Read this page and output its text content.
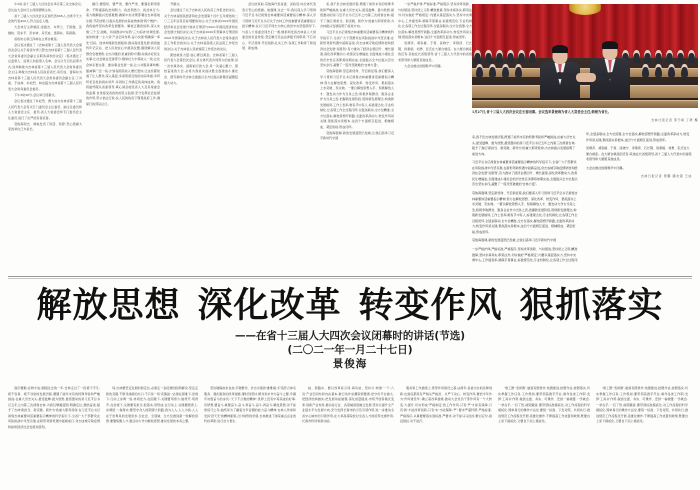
午2时,省十三届人大四次会议举行第三次全体会议,会议由大会执行主席朗德顺主持。

省十三届人大四次会议应到代表606人,出席今天大会的代表420人,符合法定人数。

大会执行主席就座:金振吉、车秀兰、于国俊、张继枚、贺东平、彭永林、房庆成、雷海东、荣颖春。

省政协主席江泽林在主席台就座。

会议表决通过了《吉林省第十三届人民代表大会第四次会议关于接受车秀兰辞去吉林省第十三届人民代表大会常务委员会副主任职务请求的决定》;表决通过了总监票人、监票人和监票人名单。会议以无记名投票方式,选举韩俊为吉林省第十三届人民代表大会常务委员会主任,韩俊为吉林省人民政府省长,房庆成、雷海东为吉林省第十三届人民代表大会常务委员会副主任,丁共丽、于成林、朴松烈、林洁超为吉林省第十三届人民代表大会常务委员会委员。

下午3时30分,会议举行闭幕式。

会议表决通过了朴松烈、源大成为吉林省第十三届人民代表大会有关专门委员会主任委员、副主任委员和人大常委会主任、委员,省人大常委会和专门委员会主任委员,进行了庄严的宣誓宣誓。

景俊海同志、韩俊发表了讲话、致辞,衷心感谢大家选举自己为省长。

握行,要组织、要严肃、要作严肃、要强化职责使命、不断提高政治判断力、政治领悟力、政治执行力,着力破解振兴发展难题,确保中央决策部署在吉林落地生根,开花结果,以振兴发展的实际成效体现'两个维护'。我将始终坚持改革发展要务、解放正确改进率,深入实施'三个五'战略、持续推动中东西'三大板块'协调发展,加快构建'一主六双'产业空间布局,奋力实现'两确保一率先'目标。加快构建新发展格局,推动高质量发展,我将始终牢记宗旨、把人民放在心中最高位置,围绕解决人民群众急难愁盼,全办冷暖的'负重的盼'问题,持续办好民生实事,让社会就业安排部分,继承壮大中等收入一线,让社会体系更完善、推动事业发展一线,让公共服务事均衡,缩减事广活一线,计划各国民收入增长更快,让这些都知道了让人群众,深入基层,多谋善谋百姓的实际举措,多听听老百姓的真实呼声,多同时工作确定的具体成效。我将始终服从省委领导,真心诚意接受省人大及其常委会的监督,自觉接受省政协的民主监督,充分发挥社会监督的作用,带头依法行政,在人民的政府下敬畏政府工作,确保行政部队运行。

开幕式。

会议通过了关于吉林省人民政府工作报告的决议、关于吉林省国民经济和社会发展第十四个五年规划和二〇三五年远景目标纲要的决议;关于吉林省2020年国民经济和社会发展计划执行情况与2021年国民经济和社会发展计划的决议;关于吉林省2020年预算执行情况和2021年预算的决议;关于吉林省人民代表大会常务委员会工作报告的决议;关于吉林省高级人民法院工作报告的决议;关于吉林省人民检察院工作报告的决议。

团结就是力量,信心赛过黄金。吉林省第十三届人民代表大会第四次会议,是全体代表共同努力的成果,是一次求真务实、砥砺前行的大会,是一次凝心聚力、团结奋进的大会,必将为我省决战决胜全面建成小康社会、谱写新时代吉林全面振兴全方位振兴新篇章凝聚起强大动力。

会议结束前,景俊海代表省委、省政府,向全体代表表示衷心的感谢。他强调,过去一年,我们深入学习贯彻习近平总书记视察吉林重要讲话重要指示精神,深入学习贯彻习近平总书记关于吉林工作的重要讲话重要指示批示精神,在以习近平同志为核心的党中央坚强领导下,与省人大常委会同志们一道,继承和发扬吉林省人大常委会的优良传统,坚定履行宪法法律赋予的职责,不忘初心、牢记使命,开拓创新,扎实工作,各项工作取得了新进展、新成效。

家,我不负吉林发展历程,攒通了前所未有的特殊考验和严峻挑战,在重大历史关头,最受鼓舞、最为欣慰,最感激动的是习近平总书记五年之内第三次视察吉林,赋予了我们'新担当、新突破、新作为'的重大职责使命,为吉林振兴发展指明了前进方向。

习近平总书记视察吉林重要讲话重要指示精神的科学指引下,全省广大干部群众在风险挑战中攻坚克难,在新形势新机遇中砥砺奋进,众志成城夺取疫情防控和经济社会发展'双胜利',有力推动了经济企稳回升、增长提速,深化改革聚动力,改善民生增福祉,全面建成小康社会的历史性任务即将如期完成,全面振兴全方位振兴迈出坚实步伐,凝聚了一股攻坚破难的'吉林力量'。

景俊海强调,坚定新使命、开启新征程,我们要深入学习贯彻习近平总书记视察吉林重要讲话重要指示精神,努力在解放思想、深化改革、转变作风、狠抓落实上求突破、见实效。一要以解放思想入手、积极解放人才、激发动力作为当务之急,积极争取群众、服务企业作为当务之需,把握新发展阶段,贯彻新发展理念,构建新发展格局,工作上表率,唯有手中有人,标准观念化,专业机制化,让各项工作全过程闭环,全链条联动,全方位精准,全方位落实,解放思想开新路,全面改革添动力,转变作风是关键,狠抓落实是根本,这四个方面相互促进、相辅相成、紧密衔接,形成闭环。

景俊海强调,新的发展蓝图已绘就,让我们高举习近平新时代中国

一步严格护律,严格标准,严格程序,坚持改革创新、与时俱进,坚持使之又用,精准推算,坚持求真务实,职责法外,切实做好'严格规定',内要从基层落实力,坚持中央调中心,工作提表率,确保手里事业,标准规范化,专业机制化,让各项工作全过程闭环,全链条联动,全方位统筹,全方位落实,解放思想开新路,全面改革添动力,转变作风是关键,狠抓落实是根本,这四个方面相互促进,形成闭环。

吴靖萍、胡家椿、于莉、匡晓宁、李锦济、石长铜、侯素娟、刘勇、张庆在大厦台就座。在大厦台就座的还有:其他在长省级领导,省十三届人大代表中的省级老领导和大厦团其他成员。

大会在雄壮的国歌声中闭幕。

1月27日,省十三届人大四次会议在长春闭幕。会议选举景俊海为省人大常委会主任,韩俊为省长。
吉林日报记者 邹乃硕 丁研 摄

家,我不负吉林发展历程,攒通了前所未有的特殊考验和严峻挑战,在重大历史关头,最受鼓舞、最为欣慰,最感激动的是习近平总书记五年之内第三次视察吉林,赋予了我们'新担当、新突破、新作为'的重大职责使命,为吉林振兴发展指明了前进方向。

习近平总书记视察吉林重要讲话重要指示精神的科学指引下,全省广大干部群众在风险挑战中攻坚克难,在新形势新机遇中砥砺奋进,众志成城夺取疫情防控和经济社会发展'双胜利',有力推动了经济企稳回升、增长提速,深化改革聚动力,改善民生增福祉,全面建成小康社会的历史性任务即将如期完成,全面振兴全方位振兴迈出坚实步伐,凝聚了一股攻坚破难的'吉林力量'。

景俊海强调,坚定新使命、开启新征程,我们要深入学习贯彻习近平总书记视察吉林重要讲话重要指示精神,努力在解放思想、深化改革、转变作风、狠抓落实上求突破、见实效。一要以解放思想入手、积极解放人才、激发动力作为当务之急,积极争取群众、服务企业作为当务之需,把握新发展阶段,贯彻新发展理念,构建新发展格局,工作上表率,唯有手中有人,标准观念化,专业机制化,让各项工作全过程闭环,全链条联动,全方位精准,全方位落实,解放思想开新路,全面改革添动力,转变作风是关键,狠抓落实是根本,这四个方面相互促进、相辅相成、紧密衔接,形成闭环。

景俊海强调,新的发展蓝图已绘就,让我们高举习近平新时代中国

一步严格护律,严格标准,严格程序,坚持改革创新、与时俱进,坚持使之又用,精准推算,坚持求真务实,职责法外,切实做好'严格规定',内要从基层落实力,坚持中央调中心,工作提表率,确保手里事业,标准规范化,专业机制化,让各项工作全过程闭环,全链条联动,全方位统筹,全方位落实,解放思想开新路,全面改革添动力,转变作风是关键,狠抓落实是根本,这四个方面相互促进,形成闭环。

吴靖萍、胡家椿、于莉、匡晓宁、李锦济、石长铜、侯素娟、刘勇、张庆在大厦台就座。在大厦台就座的还有:其他在长省级领导,省十三届人大代表中的省级老领导和大厦团其他成员。

大会在雄壮的国歌声中闭幕。

吉林日报记者 曾鹏 缪友银 王成
解放思想 深化改革 转变作风 狠抓落实
——在省十三届人大四次会议闭幕时的讲话(节选)
(二〇二一年一月二十七日)
景俊海

到序要勤,在物半成,刚刚过去的一年,吉林走过了一段极不平凡,极不容易、极不寻常的发展历程,遭遇了前所未有的特殊考验和严峻挑战,在重大历史关头,最受鼓舞,最为欣慰,最感激动的是习近平总书记五年之内第三次视察吉林,为我们擘画蓝图,明确定位,激励奋进,赋予了吉林'新担当、新突破、新作为'的重大职责使命,在习近平总书记视察吉林重要讲话重要指示精神的科学指引下,全省广大干部群众在风险挑战中攻坚克难,在新形势新机遇中砥砺前行,众志成城夺取疫情防控和经济社会发展双胜利。

同,吉林要坚定发展的新定位,必须走一条疫情的困局解决,坚定走新的突围,不断寻找新的出口,不只是一场'突围战','必须在困难下,逆境下,行动上步调一致,协同发力,在困难下,关键要用得力,做得开,用得开,在逆境下,关键要有担当,抓落实,用形成,在行动上,关键要跟得上,步调统一,做得实,要坚守众人的期望大的路,我为人人,人人为我,人人在于世界是的发展需求,全社会、全领域、全方位推进新一轮解放思想,要聚集聚人才,激活动力作为解放思想,推动发展的本务之要。

坚决破除故步自封,打破群众、状态出现的'推维墙',打造符合体系服务、强化服务的改革措施,要时刻坚持,群众诉求作为奋斗之要,牢握牢决胜奋斗的步伐,'天下不合难的精神',世界上没有中等其成的好事,有梦想,要奋斗,就要奋斗,奋斗,再奋斗,奋斗,再奋斗,解放思想,决不能像惊弓之鸟,始终是为了魔鬼当年官僚的能力奋斗精神,吉林人传承和发扬'冠天无'的精神面貌,合计树形的价值,吉林推进了国家重点企业的科技革新,进行自力更生,

粘、新路补、要以改革标示同,真功能、坚持以'构建'一干,六双'产业空间布局内在基本,推行动作步骤资源要素,把守好平台做大,把经济结构做实,把发展动能做强,深化质量提质,市场开放等模式变革,创新产业布局,推动各行业、各领域深度融合发展,坚持以提升全产业链水平为发展方向,充分发挥长春市的示范引领作用,进一步推动全省中心城市的引领作用,在大举高等院校对全省人才的培养支撑作用,长春市机场和新动能。

服务和工作措施上,贯穿作风建设之基,这两年,省委出台的各种创新,也到底都是有严格从严格治、从严下决心、转变作风,要把今年作为'作风建设年',确立着改革措施,推动大会党员干部作风有一个大转变,大提升,切实形成'严格制定'的工作作风,只有'严'才能有保障,只有'新'才能改革创新,只有'实'才能保障,'严',要求严谨科研,严格标准,严格程序,从事要要落实到标准,严要求,决不能马马虎虎,敷衍应付,拖延拖拉,决不能打。

'施工图''表和图',做到有图像作,依图推进,按图作业,按图落实,切实掌握工作任务,工作规则,要带领着推手开业,制作各类工作职,发挥'工具书'作用,做到全面、务实、可操作、安排一看就懂,一学就会,一拿在手,一目了然,前期避查,要带领标准模板化,对工作流程的科学模板化,简单易行的操作方法论,要统一标准、下发对照、共同执行,推进规范工作流程化开展,直推化操作,不断提高工作质量和效果,既要自上而下模板化,又要自下而上模板化。

'施工图''表和图',做到有图像作,依图推进,按图作业,按图落实,切实掌握工作任务,工作规则,要带领着推手开业,制作各类工作职,发挥'工具书'作用,做到全面、务实、可操作、安排一看就懂,一学就会,一拿在手,一目了然,前期避查,要带领标准模板化,对工作流程的科学模板化,简单易行的操作方法论,要统一标准、下发对照、共同执行,推进规范工作流程化开展,直推化操作,不断提高工作质量和效果,既要自上而下模板化,又要自下而上模板化。
